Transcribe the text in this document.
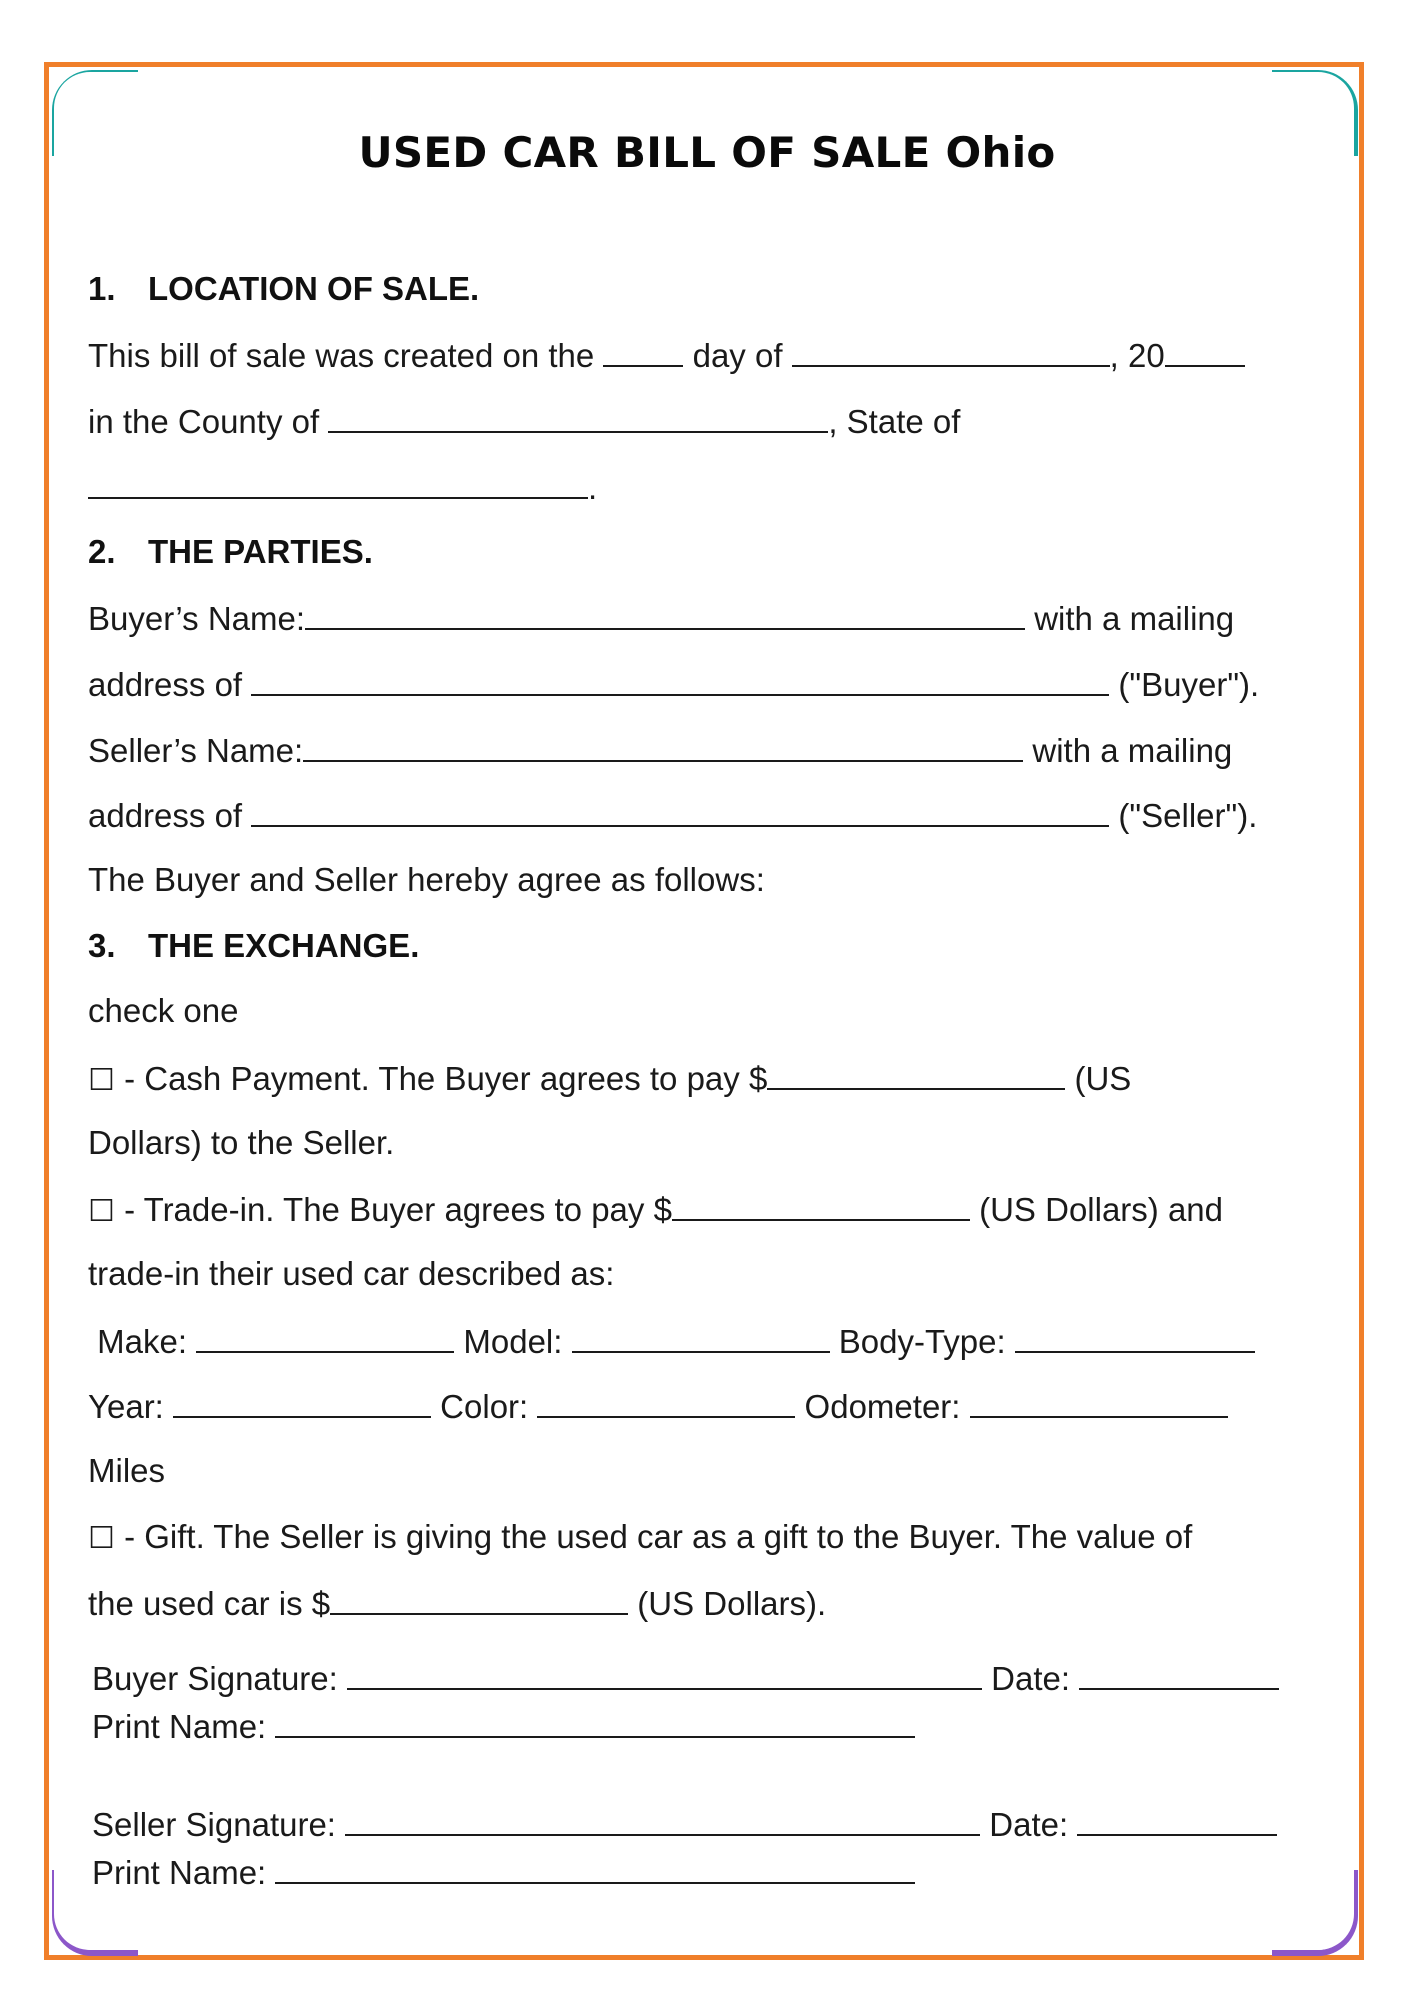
USED CAR BILL OF SALE Ohio
1. LOCATION OF SALE.
This bill of sale was created on the  day of	, 20
in the County of	, State of
.
2. THE PARTIES.
Buyer’s Name:	with a mailing
address of	("Buyer").
Seller’s Name:	with a mailing
address of	("Seller").
The Buyer and Seller hereby agree as follows:
3. THE EXCHANGE.
check one
☐ - Cash Payment. The Buyer agrees to pay $	(US
Dollars) to the Seller.
☐ - Trade-in. The Buyer agrees to pay $	(US Dollars) and
trade-in their used car described as:
Make:	Model:	Body-Type:
Year:	Color:	Odometer:
Miles
☐ - Gift. The Seller is giving the used car as a gift to the Buyer. The value of
the used car is $	(US Dollars).
Buyer Signature:	Date:
Print Name:
Seller Signature:	Date:
Print Name:
